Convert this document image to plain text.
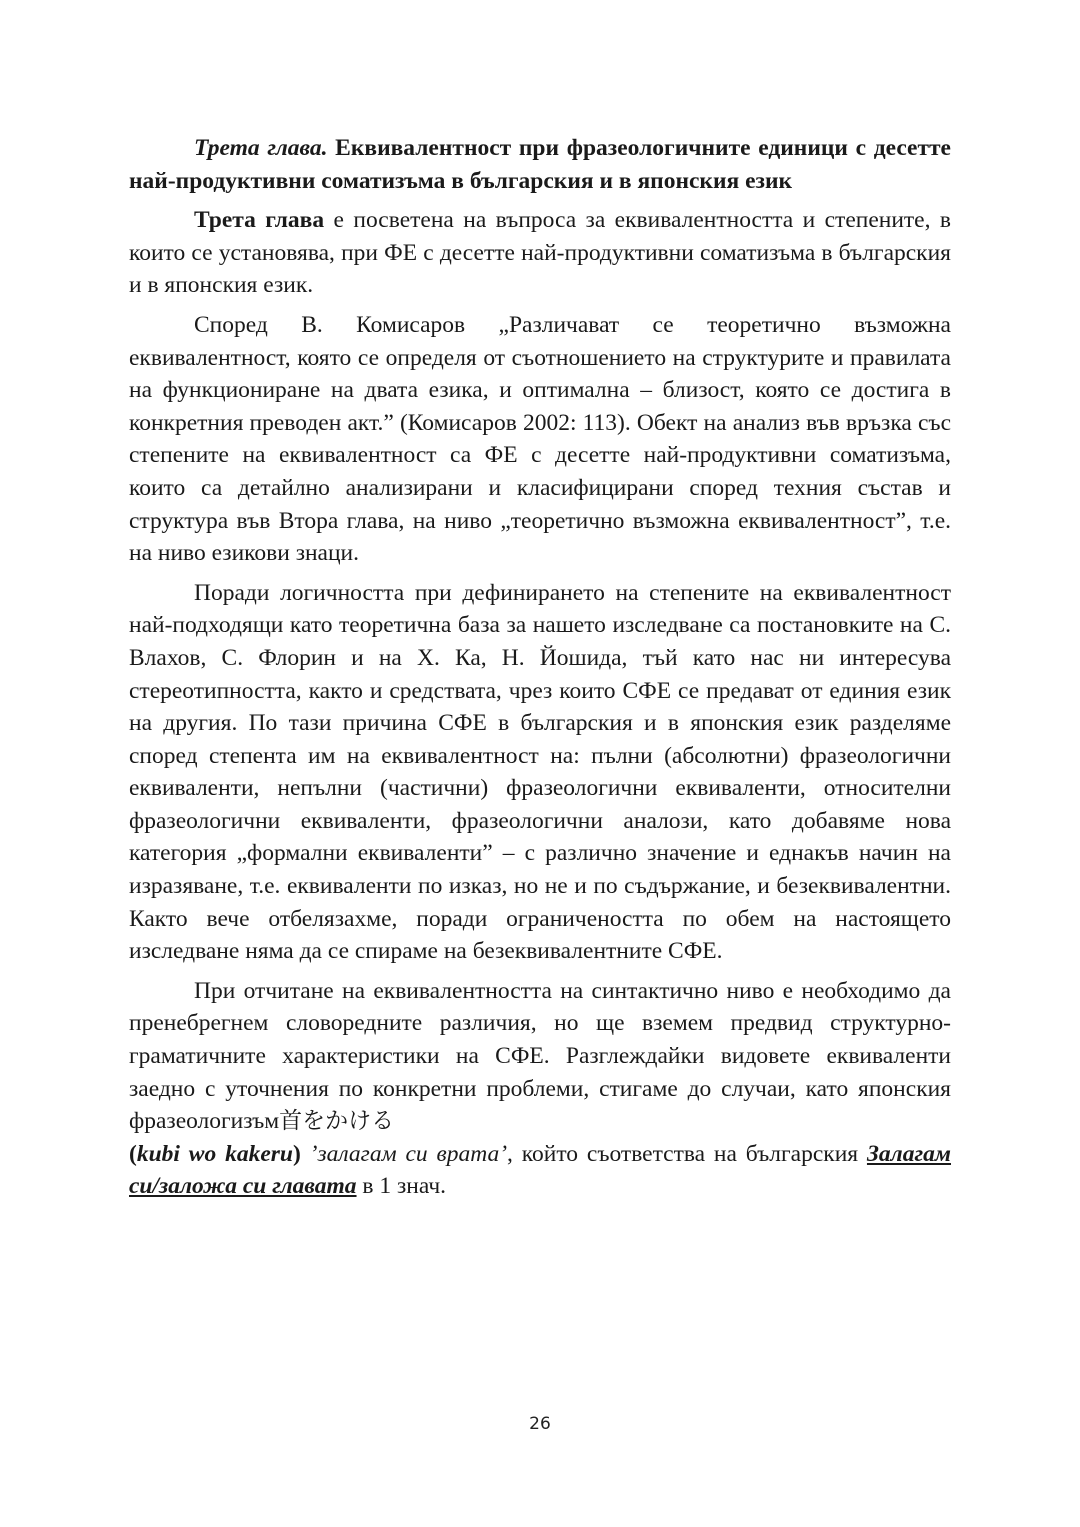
Трета глава. Еквивалентност при фразеологичните единици с десетте най-продуктивни соматизъма в българския и в японския език

Трета глава е посветена на въпроса за еквивалентността и степените, в които се установява, при ФЕ с десетте най-продуктивни соматизъма в българския и в японския език.

Според В. Комисаров „Различават се теоретично възможна еквивалентност, която се определя от съотношението на структурите и правилата на функциониране на двата езика, и оптимална – близост, която се достига в конкретния преводен акт.” (Комисаров 2002: 113). Обект на анализ във връзка със степените на еквивалентност са ФЕ с десетте най-продуктивни соматизъма, които са детайлно анализирани и класифицирани според техния състав и структура във Втора глава, на ниво „теоретично възможна еквивалентност”, т.е. на ниво езикови знаци.

Поради логичността при дефинирането на степените на еквивалентност най-подходящи като теоретична база за нашето изследване са постановките на С. Влахов, С. Флорин и на Х. Ка, Н. Йошида, тъй като нас ни интересува стереотипността, както и средствата, чрез които СФЕ се предават от единия език на другия. По тази причина СФЕ в българския и в японския език разделяме според степента им на еквивалентност на: пълни (абсолютни) фразеологични еквиваленти, непълни (частични) фразеологични еквиваленти, относителни фразеологични еквиваленти, фразеологични аналози, като добавяме нова категория „формални еквиваленти” – с различно значение и еднакъв начин на изразяване, т.е. еквиваленти по изказ, но не и по съдържание, и безеквивалентни. Както вече отбелязахме, поради ограничеността по обем на настоящето изследване няма да се спираме на безеквивалентните СФЕ.

При отчитане на еквивалентността на синтактично ниво е необходимо да пренебрегнем словоредните различия, но ще вземем предвид структурно-граматичните характеристики на СФЕ. Разглеждайки видовете еквиваленти заедно с уточнения по конкретни проблеми, стигаме до случаи, като японския фразеологизъм首をかける
(kubi wo kakeru) ’залагам си врата’, който съответства на българския Залагам си/заложа си главата в 1 знач.

26
